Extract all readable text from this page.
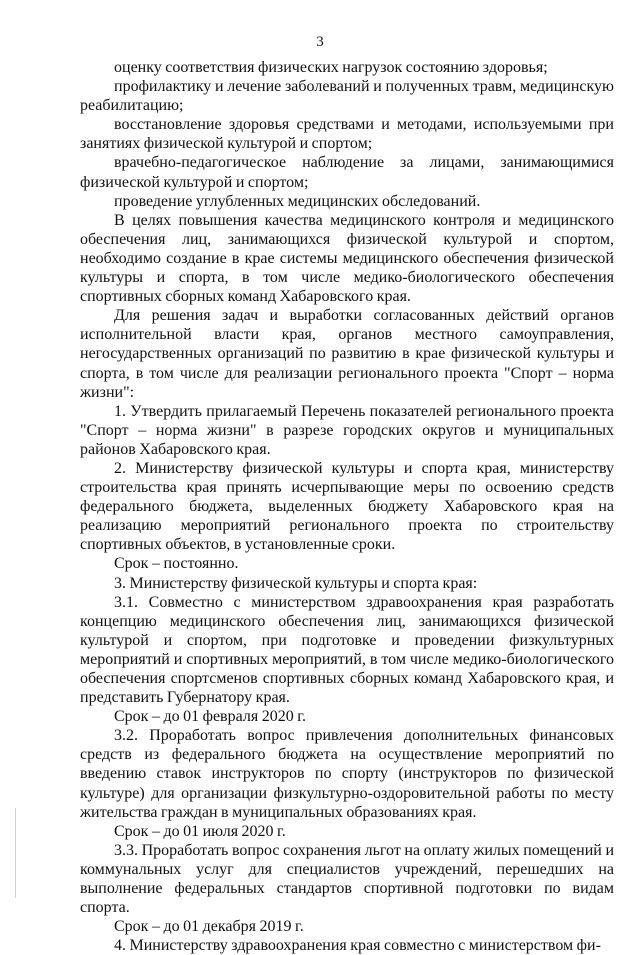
3

оценку соответствия физических нагрузок состоянию здоровья;

профилактику и лечение заболеваний и полученных травм, медицинскую реабилитацию;

восстановление здоровья средствами и методами, используемыми при занятиях физической культурой и спортом;

врачебно-педагогическое наблюдение за лицами, занимающимися физической культурой и спортом;

проведение углубленных медицинских обследований.

В целях повышения качества медицинского контроля и медицинского обеспечения лиц, занимающихся физической культурой и спортом, необходимо создание в крае системы медицинского обеспечения физической культуры и спорта, в том числе медико-биологического обеспечения спортивных сборных команд Хабаровского края.

Для решения задач и выработки согласованных действий органов исполнительной власти края, органов местного самоуправления, негосударственных организаций по развитию в крае физической культуры и спорта, в том числе для реализации регионального проекта "Спорт – норма жизни":

1. Утвердить прилагаемый Перечень показателей регионального проекта "Спорт – норма жизни" в разрезе городских округов и муниципальных районов Хабаровского края.

2. Министерству физической культуры и спорта края, министерству строительства края принять исчерпывающие меры по освоению средств федерального бюджета, выделенных бюджету Хабаровского края на реализацию мероприятий регионального проекта по строительству спортивных объектов, в установленные сроки.

Срок – постоянно.

3. Министерству физической культуры и спорта края:

3.1. Совместно с министерством здравоохранения края разработать концепцию медицинского обеспечения лиц, занимающихся физической культурой и спортом, при подготовке и проведении физкультурных мероприятий и спортивных мероприятий, в том числе медико-биологического обеспечения спортсменов спортивных сборных команд Хабаровского края, и представить Губернатору края.

Срок – до 01 февраля 2020 г.

3.2. Проработать вопрос привлечения дополнительных финансовых средств из федерального бюджета на осуществление мероприятий по введению ставок инструкторов по спорту (инструкторов по физической культуре) для организации физкультурно-оздоровительной работы по месту жительства граждан в муниципальных образованиях края.

Срок – до 01 июля 2020 г.

3.3. Проработать вопрос сохранения льгот на оплату жилых помещений и коммунальных услуг для специалистов учреждений, перешедших на выполнение федеральных стандартов спортивной подготовки по видам спорта.

Срок – до 01 декабря 2019 г.

4. Министерству здравоохранения края совместно с министерством фи-
